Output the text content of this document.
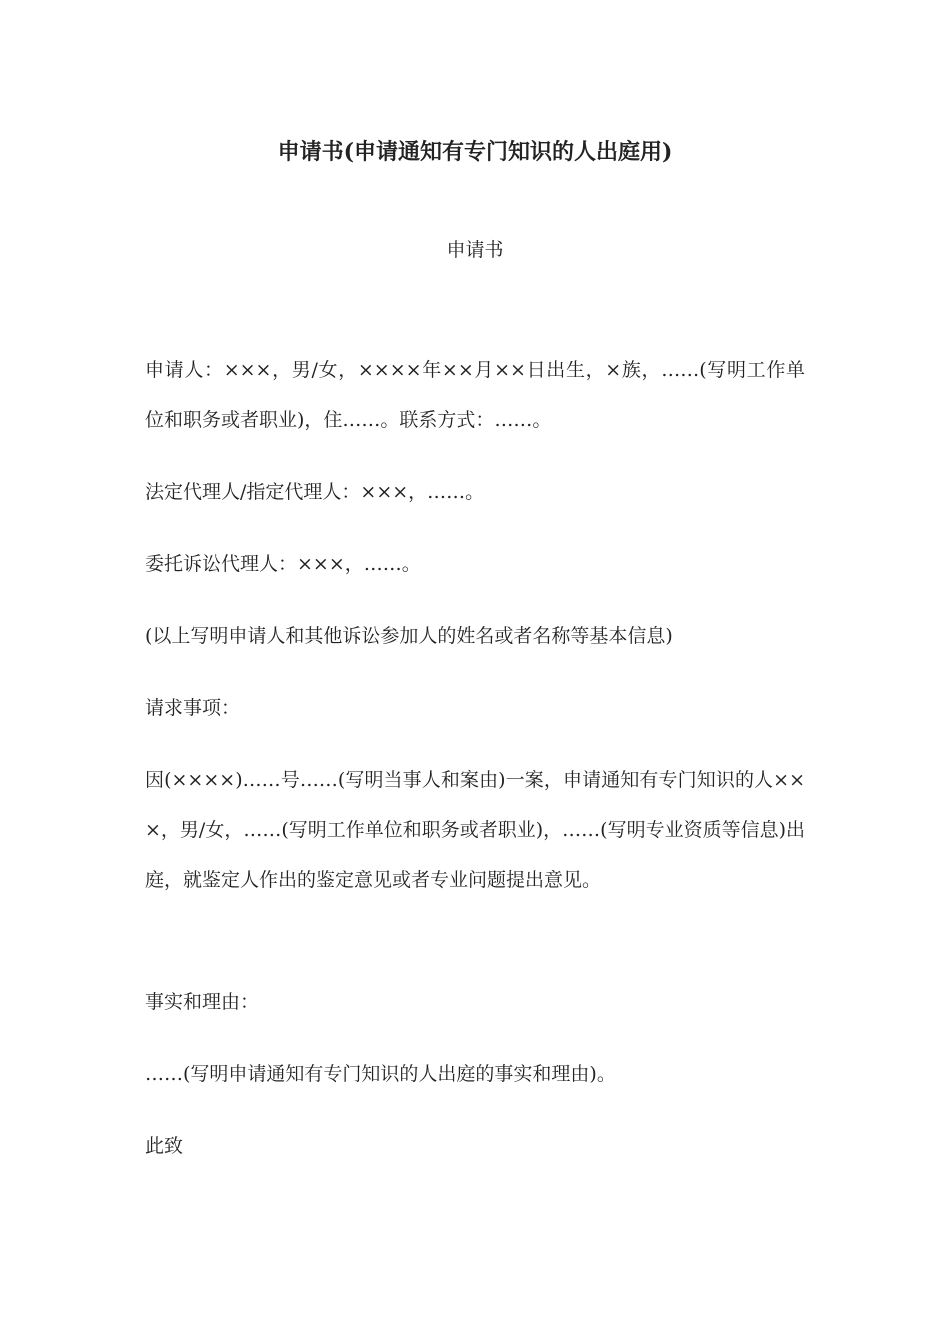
申请书(申请通知有专门知识的人出庭用)
申请书

申请人：×××，男/女，××××年××月××日出生，×族，……(写明工作单位和职务或者职业)，住……。联系方式：……。

法定代理人/指定代理人：×××，……。

委托诉讼代理人：×××，……。

(以上写明申请人和其他诉讼参加人的姓名或者名称等基本信息)

请求事项：

因(××××)……号……(写明当事人和案由)一案，申请通知有专门知识的人×××，男/女，……(写明工作单位和职务或者职业)，……(写明专业资质等信息)出庭，就鉴定人作出的鉴定意见或者专业问题提出意见。

事实和理由：

……(写明申请通知有专门知识的人出庭的事实和理由)。

此致
